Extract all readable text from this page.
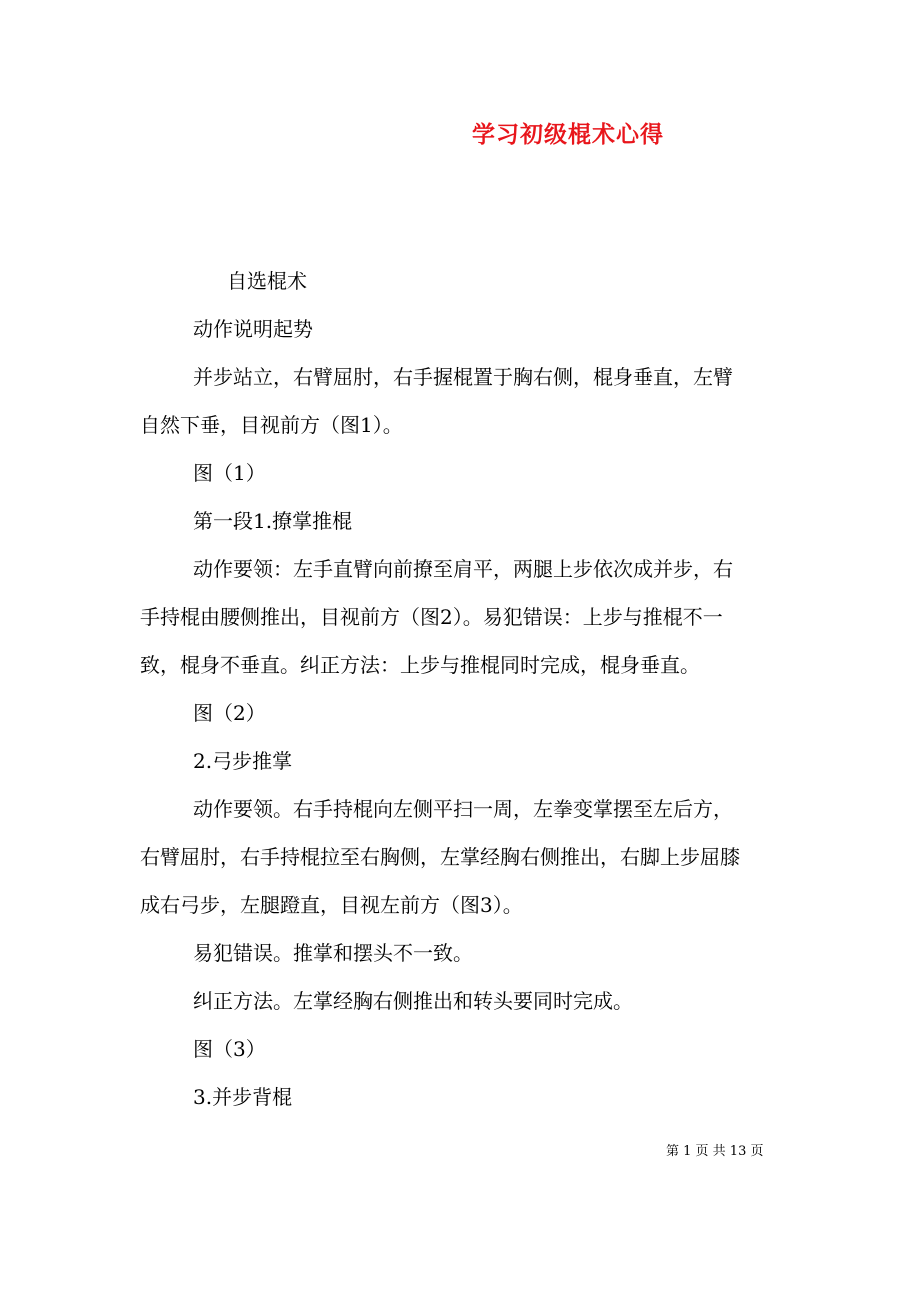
学习初级棍术心得
自选棍术
动作说明起势
并步站立，右臂屈肘，右手握棍置于胸右侧，棍身垂直，左臂
自然下垂，目视前方（图1）。
图（1）
第一段1.撩掌推棍
动作要领：左手直臂向前撩至肩平，两腿上步依次成并步，右
手持棍由腰侧推出，目视前方（图2）。易犯错误：上步与推棍不一
致，棍身不垂直。纠正方法：上步与推棍同时完成，棍身垂直。
图（2）
2.弓步推掌
动作要领。右手持棍向左侧平扫一周，左拳变掌摆至左后方，
右臂屈肘，右手持棍拉至右胸侧，左掌经胸右侧推出，右脚上步屈膝
成右弓步，左腿蹬直，目视左前方（图3）。
易犯错误。推掌和摆头不一致。
纠正方法。左掌经胸右侧推出和转头要同时完成。
图（3）
3.并步背棍
第 1 页 共 13 页
